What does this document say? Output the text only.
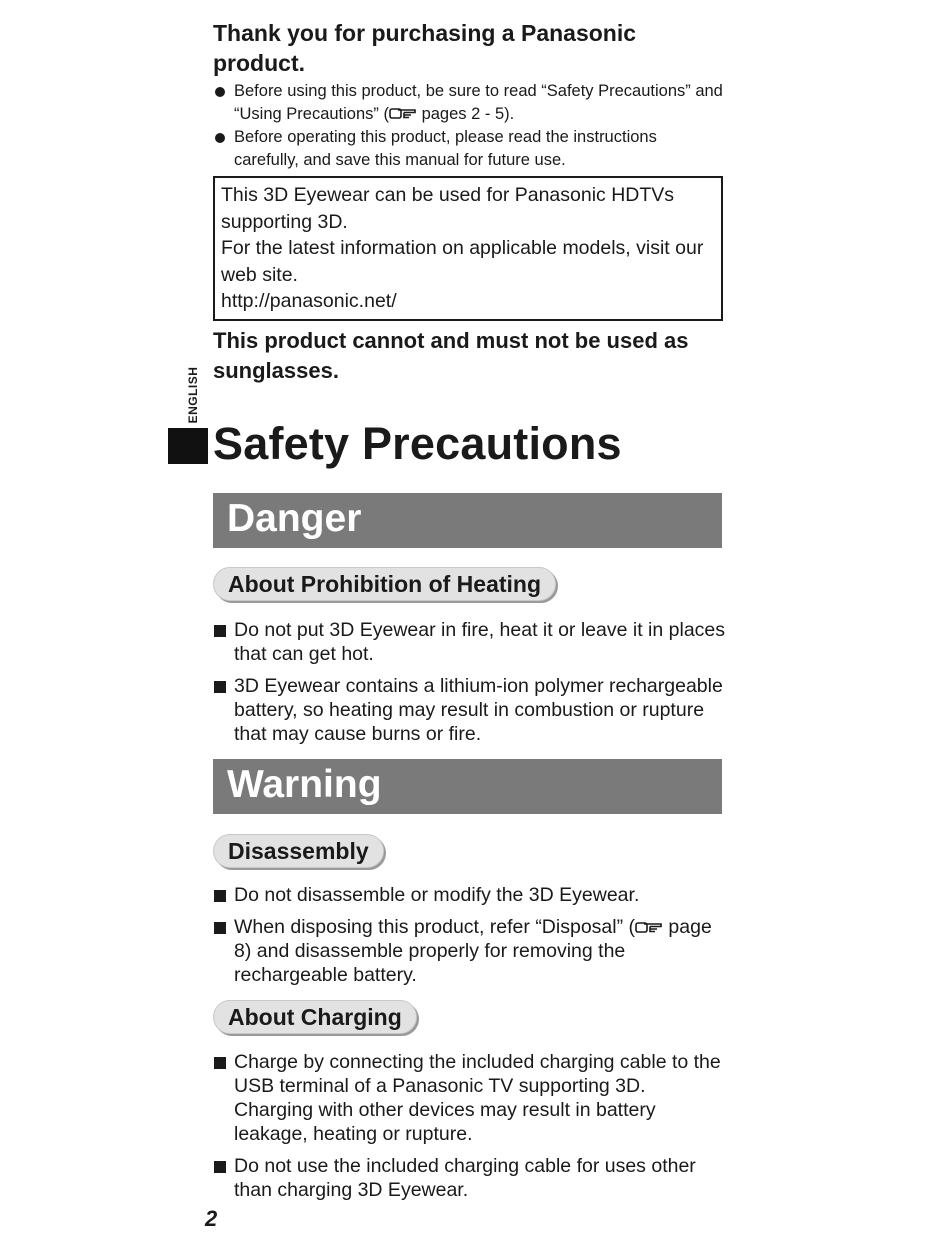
Thank you for purchasing a Panasonic product.
Before using this product, be sure to read “Safety Precautions” and “Using Precautions” ( pages 2 - 5).
Before operating this product, please read the instructions carefully, and save this manual for future use.

This 3D Eyewear can be used for Panasonic HDTVs supporting 3D.

For the latest information on applicable models, visit our web site.

http://panasonic.net/

This product cannot and must not be used as sunglasses.

ENGLISH
Safety Precautions
Danger
About Prohibition of Heating
Do not put 3D Eyewear in fire, heat it or leave it in places that can get hot.
3D Eyewear contains a lithium-ion polymer rechargeable battery, so heating may result in combustion or rupture that may cause burns or fire.
Warning
Disassembly
Do not disassemble or modify the 3D Eyewear.
When disposing this product, refer “Disposal” ( page 8) and disassemble properly for removing the rechargeable battery.
About Charging
Charge by connecting the included charging cable to the USB terminal of a Panasonic TV supporting 3D. Charging with other devices may result in battery leakage, heating or rupture.
Do not use the included charging cable for uses other than charging 3D Eyewear.
2
